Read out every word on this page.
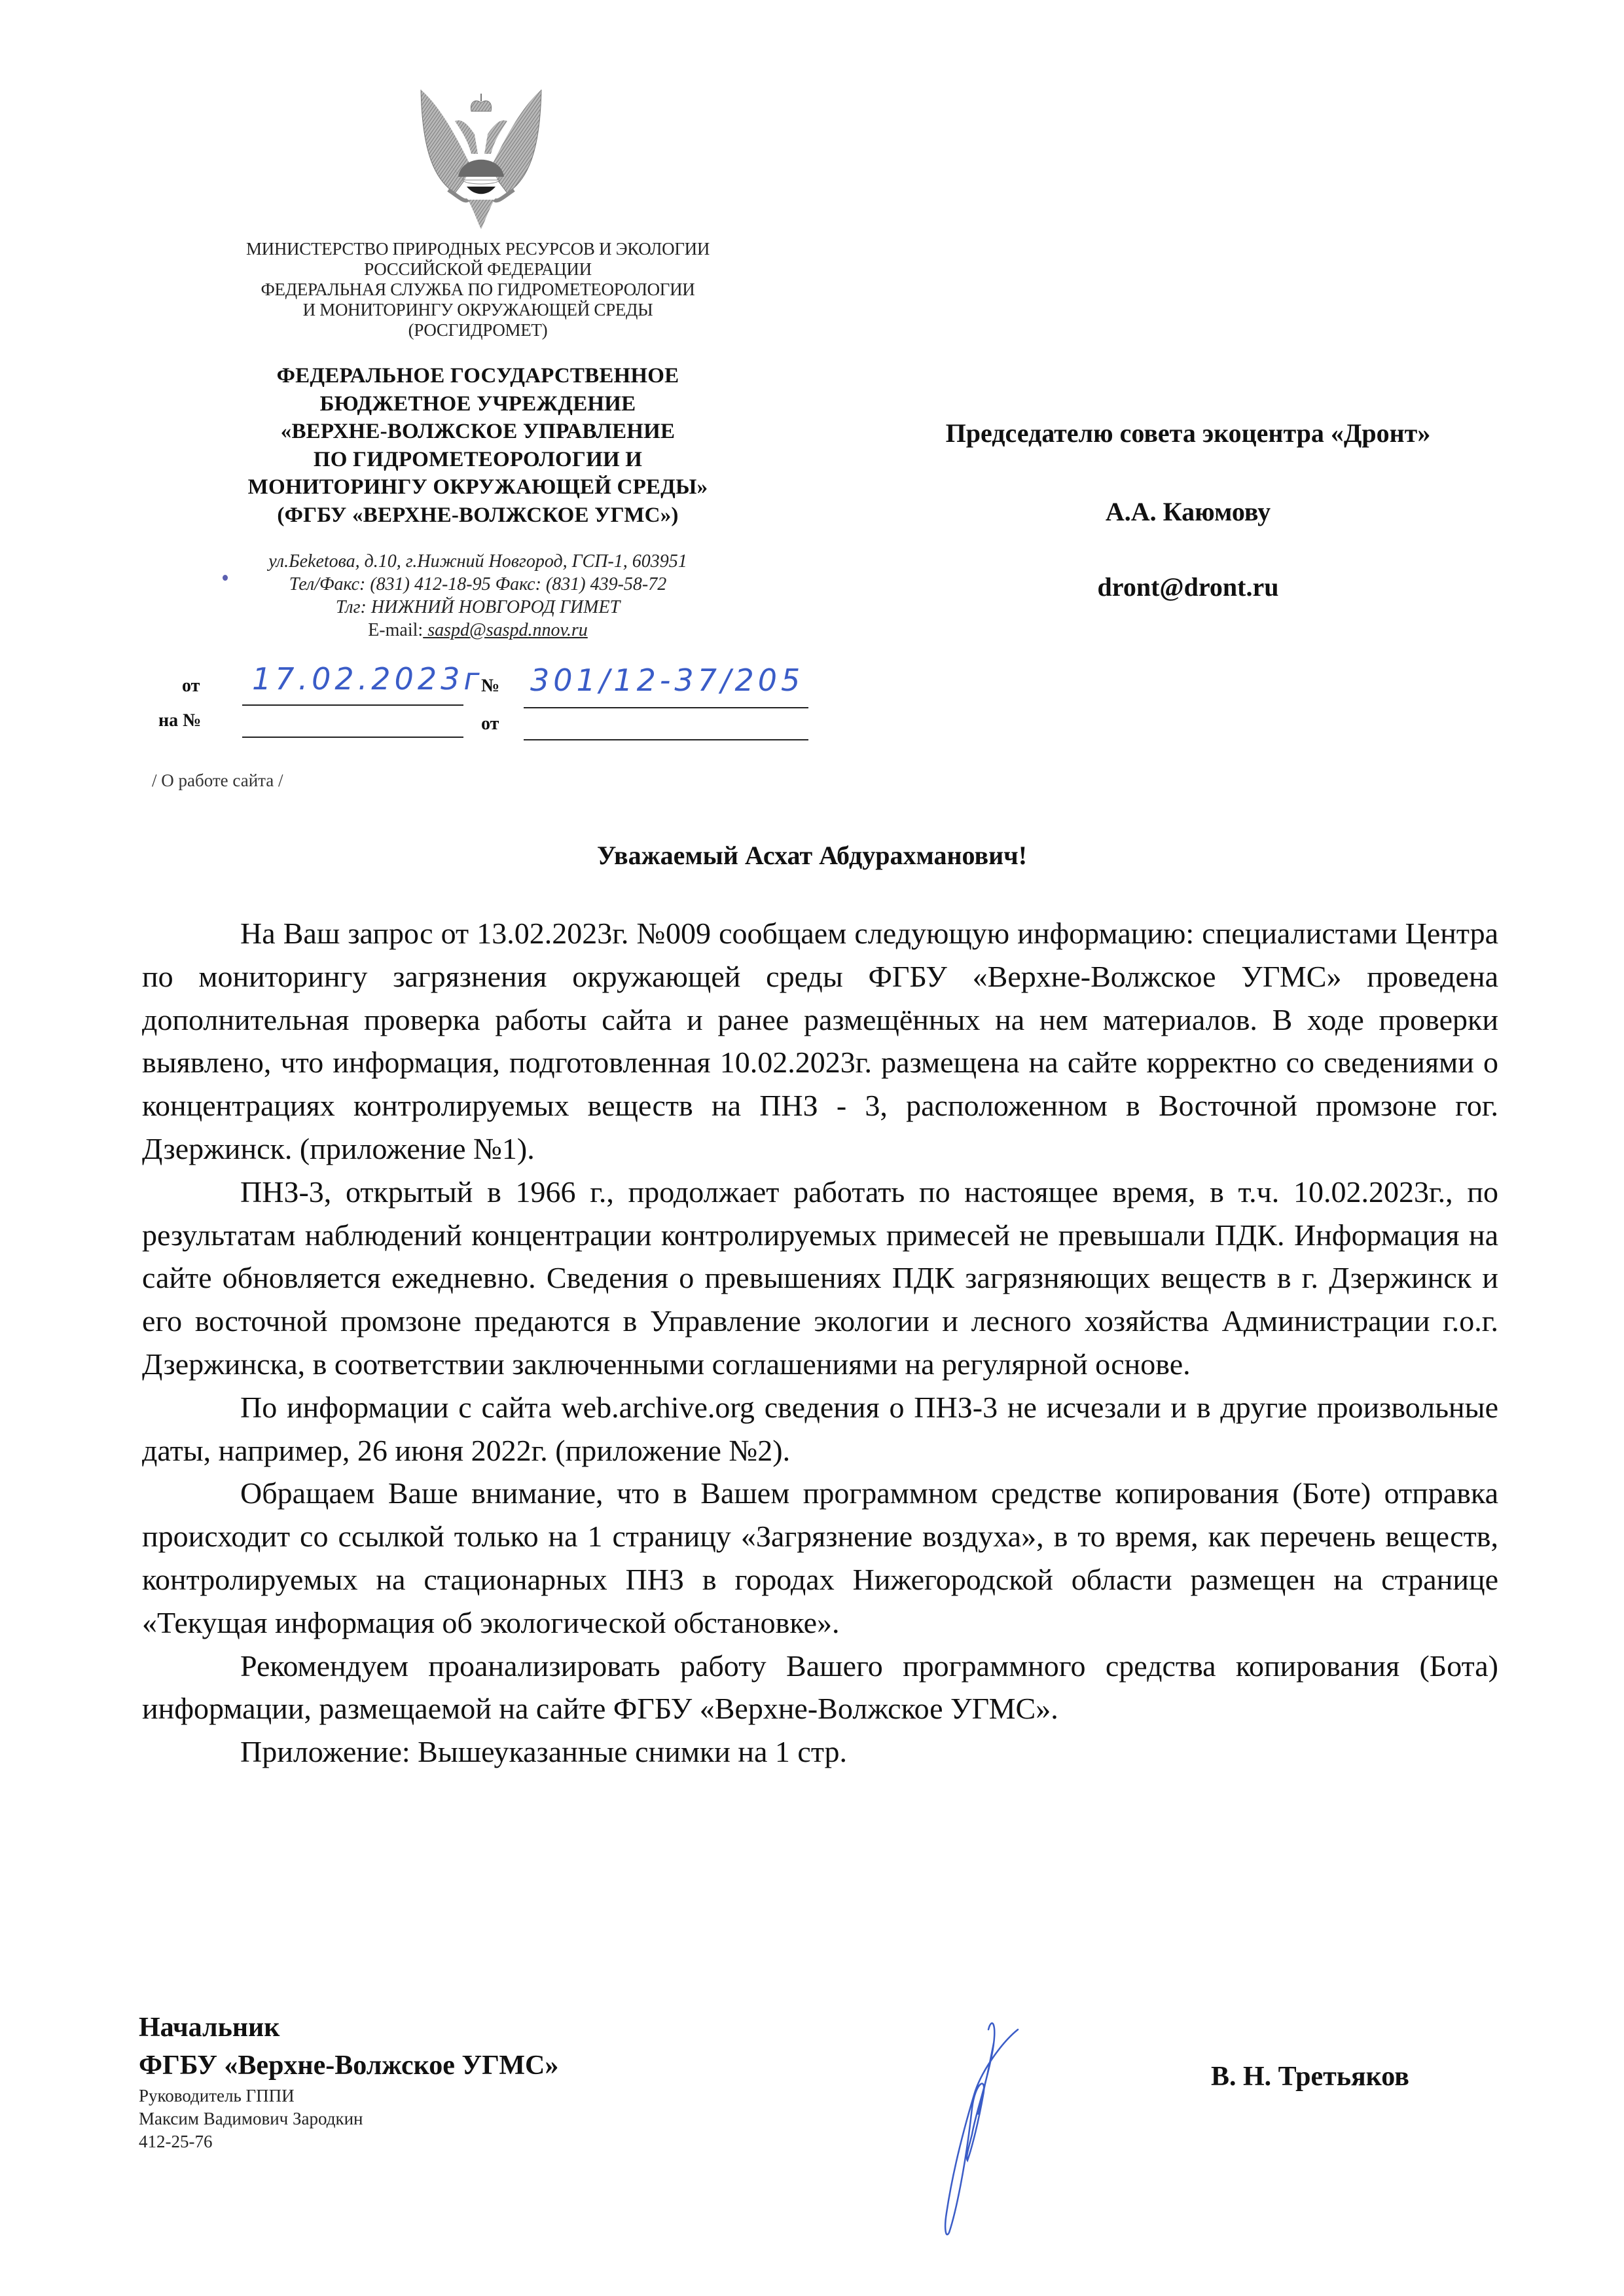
МИНИСТЕРСТВО ПРИРОДНЫХ РЕСУРСОВ И ЭКОЛОГИИ
РОССИЙСКОЙ ФЕДЕРАЦИИ
ФЕДЕРАЛЬНАЯ СЛУЖБА ПО ГИДРОМЕТЕОРОЛОГИИ
И МОНИТОРИНГУ ОКРУЖАЮЩЕЙ СРЕДЫ
(РОСГИДРОМЕТ)
ФЕДЕРАЛЬНОЕ ГОСУДАРСТВЕННОЕ
БЮДЖЕТНОЕ УЧРЕЖДЕНИЕ
«ВЕРХНЕ-ВОЛЖСКОЕ УПРАВЛЕНИЕ
ПО ГИДРОМЕТЕОРОЛОГИИ И
МОНИТОРИНГУ ОКРУЖАЮЩЕЙ СРЕДЫ»
(ФГБУ «ВЕРХНЕ-ВОЛЖСКОЕ УГМС»)
ул.Беketова, д.10, г.Нижний Новгород, ГСП-1, 603951
Тел/Факс: (831) 412-18-95 Факс: (831) 439-58-72
Тлг: НИЖНИЙ НОВГОРОД ГИМЕТ
E-mail: saspd@saspd.nnov.ru
от 17.02.2023г
№ 301/12-37/205
на №	от
/ О работе сайта /
Председателю совета экоцентра «Дронт»
А.А. Каюмову
dront@dront.ru
Уважаемый Асхат Абдурахманович!

На Ваш запрос от 13.02.2023г. №009 сообщаем следующую информацию: специалистами Центра по мониторингу загрязнения окружающей среды ФГБУ «Верхне-Волжское УГМС» проведена дополнительная проверка работы сайта и ранее размещённых на нем материалов. В ходе проверки выявлено, что информация, подготовленная 10.02.2023г. размещена на сайте корректно со сведениями о концентрациях контролируемых веществ на ПНЗ - 3, расположенном в Восточной промзоне гог. Дзержинск. (приложение №1).

ПНЗ-3, открытый в 1966 г., продолжает работать по настоящее время, в т.ч. 10.02.2023г., по результатам наблюдений концентрации контролируемых примесей не превышали ПДК. Информация на сайте обновляется ежедневно. Сведения о превышениях ПДК загрязняющих веществ в г. Дзержинск и его восточной промзоне предаются в Управление экологии и лесного хозяйства Администрации г.о.г. Дзержинска, в соответствии заключенными соглашениями на регулярной основе.

По информации с сайта web.archive.org сведения о ПНЗ-3 не исчезали и в другие произвольные даты, например, 26 июня 2022г. (приложение №2).

Обращаем Ваше внимание, что в Вашем программном средстве копирования (Боте) отправка происходит со ссылкой только на 1 страницу «Загрязнение воздуха», в то время, как перечень веществ, контролируемых на стационарных ПНЗ в городах Нижегородской области размещен на странице «Текущая информация об экологической обстановке».

Рекомендуем проанализировать работу Вашего программного средства копирования (Бота) информации, размещаемой на сайте ФГБУ «Верхне-Волжское УГМС».

Приложение: Вышеуказанные снимки на 1 стр.

Начальник
ФГБУ «Верхне-Волжское УГМС»
Руководитель ГППИ
Максим Вадимович Зародкин
412-25-76
В. Н. Третьяков
